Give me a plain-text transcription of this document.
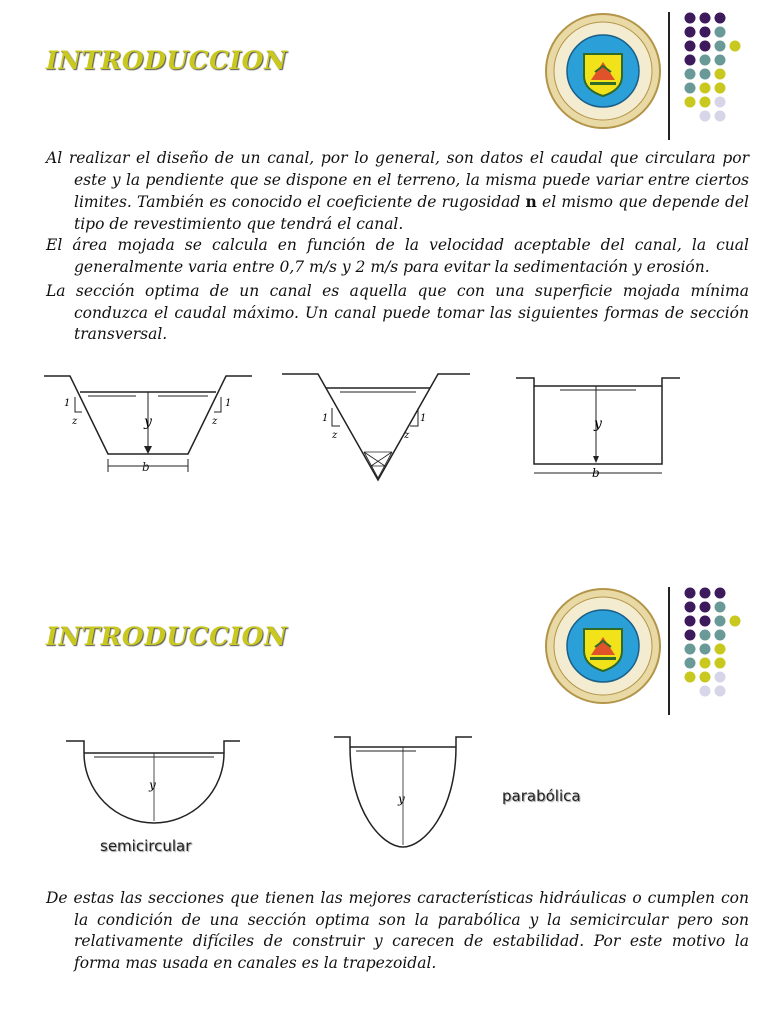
INTRODUCCION
Al realizar el diseño de un canal, por lo general, son datos el caudal que circulara por este y la pendiente que se dispone en el terreno, la misma puede variar entre ciertos limites. También es conocido el coeficiente de rugosidad n el mismo que depende del tipo de revestimiento que tendrá el canal.
El área mojada se calcula en función de la velocidad aceptable del canal, la cual generalmente varia entre 0,7 m/s y 2 m/s para evitar la sedimentación y erosión.
La sección optima de un canal es aquella que con una superficie mojada mínima conduzca el caudal máximo. Un canal puede tomar las siguientes formas de sección transversal.
y
b
1
z
1
z	1
z
1
z
y
b
INTRODUCCION
y
semicircular
y	parabólica
De estas las secciones que tienen las mejores características hidráulicas o cumplen con la condición de una sección optima son la parabólica y la semicircular pero son relativamente difíciles de construir y carecen de estabilidad. Por este motivo la forma mas usada en canales es la trapezoidal.
